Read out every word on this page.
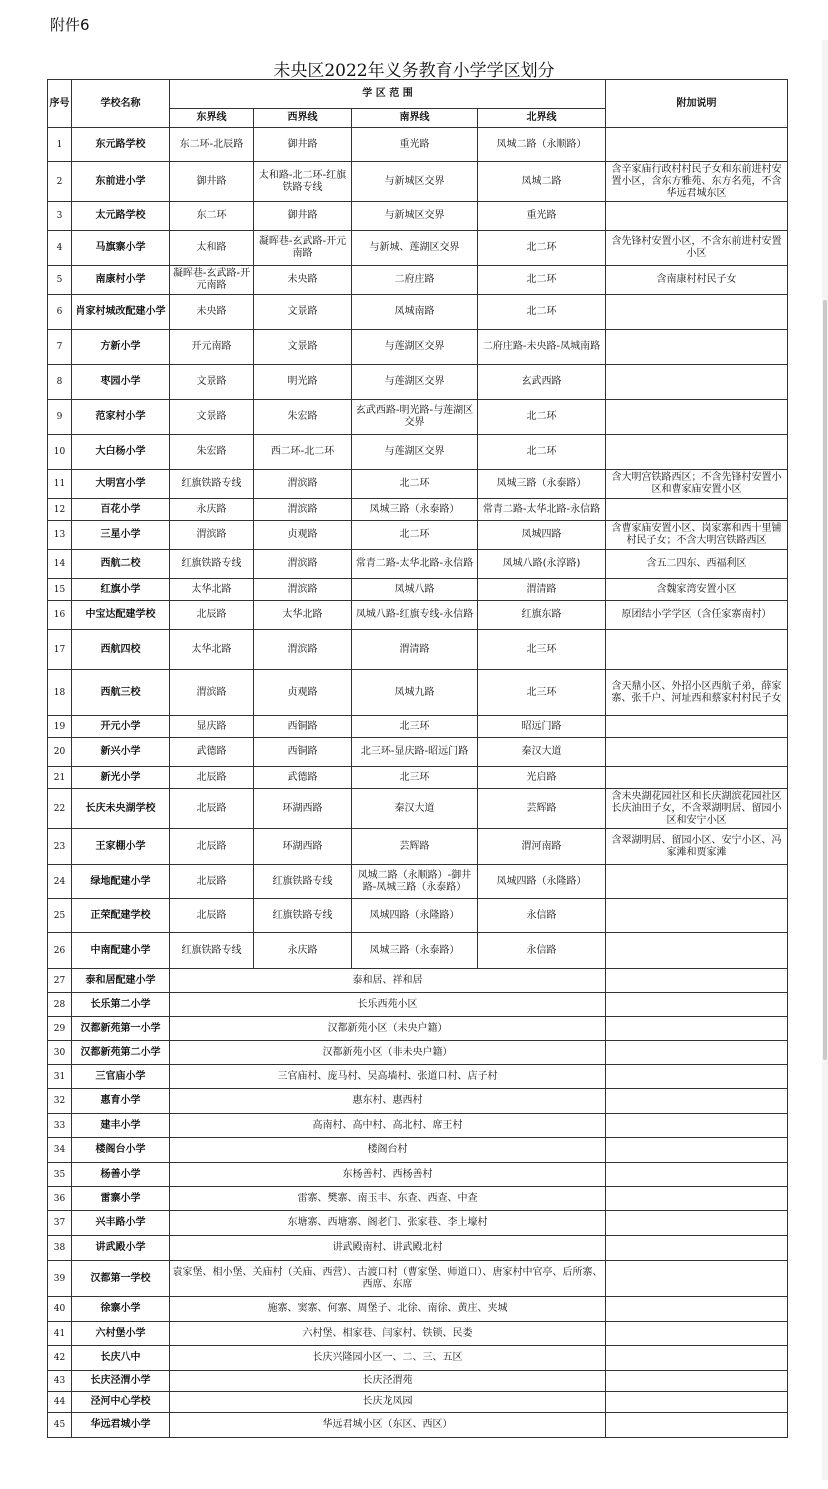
附件6
未央区2022年义务教育小学学区划分
序号	学校名称	学 区 范 围				附加说明
		东界线	西界线	南界线	北界线	
1	东元路学校	东二环-北辰路	御井路	重光路	凤城二路（永顺路）	
2	东前进小学	御井路	太和路-北二环-红旗铁路专线	与新城区交界	凤城二路	含辛家庙行政村村民子女和东前进村安置小区，含东方雅苑、东方名苑，不含华远君城东区
3	太元路学校	东二环	御井路	与新城区交界	重光路	
4	马旗寨小学	太和路	凝晖巷-玄武路-开元南路	与新城、莲湖区交界	北二环	含先锋村安置小区，不含东前进村安置小区
5	南康村小学	凝晖巷-玄武路-开元南路	未央路	二府庄路	北二环	含南康村村民子女
6	肖家村城改配建小学	未央路	文景路	凤城南路	北二环	
7	方新小学	开元南路	文景路	与莲湖区交界	二府庄路-未央路-凤城南路	
8	枣园小学	文景路	明光路	与莲湖区交界	玄武西路	
9	范家村小学	文景路	朱宏路	玄武西路-明光路-与莲湖区交界	北二环	
10	大白杨小学	朱宏路	西二环-北二环	与莲湖区交界	北二环	
11	大明宫小学	红旗铁路专线	渭滨路	北二环	凤城三路（永泰路）	含大明宫铁路西区；不含先锋村安置小区和曹家庙安置小区
12	百花小学	永庆路	渭滨路	凤城三路（永泰路）	常青二路-太华北路-永信路	
13	三星小学	渭滨路	贞观路	北二环	凤城四路	含曹家庙安置小区、岗家寨和西十里铺村民子女；不含大明宫铁路西区
14	西航二校	红旗铁路专线	渭滨路	常青二路-太华北路-永信路	凤城八路(永淳路)	含五二四东、西福利区
15	红旗小学	太华北路	渭滨路	凤城八路	渭清路	含魏家湾安置小区
16	中宝达配建学校	北辰路	太华北路	凤城八路-红旗专线-永信路	红旗东路	原团结小学学区（含任家寨南村）
17	西航四校	太华北路	渭滨路	渭清路	北三环	
18	西航三校	渭滨路	贞观路	凤城九路	北三环	含天鼎小区、外招小区西航子弟，薛家寨、张千户、河址西和蔡家村村民子女
19	开元小学	显庆路	西铜路	北三环	昭远门路	
20	新兴小学	武德路	西铜路	北三环-显庆路-昭远门路	秦汉大道	
21	新光小学	北辰路	武德路	北三环	光启路	
22	长庆未央湖学校	北辰路	环湖西路	秦汉大道	芸辉路	含未央湖花园社区和长庆湖滨花园社区长庆油田子女，不含翠湖明居、留园小区和安宁小区
23	王家棚小学	北辰路	环湖西路	芸辉路	渭河南路	含翠湖明居、留园小区、安宁小区、冯家滩和贾家滩
24	绿地配建小学	北辰路	红旗铁路专线	凤城二路（永顺路）-御井路-凤城三路（永泰路）	凤城四路（永隆路）	
25	正荣配建学校	北辰路	红旗铁路专线	凤城四路（永隆路）	永信路	
26	中南配建小学	红旗铁路专线	永庆路	凤城三路（永泰路）	永信路	
27	泰和居配建小学	泰和居、祥和居				
28	长乐第二小学	长乐西苑小区				
29	汉都新苑第一小学	汉都新苑小区（未央户籍）				
30	汉都新苑第二小学	汉都新苑小区（非未央户籍）				
31	三官庙小学	三官庙村、庞马村、吴高墙村、张道口村、店子村				
32	惠育小学	惠东村、惠西村				
33	建丰小学	高南村、高中村、高北村、席王村				
34	楼阁台小学	楼阁台村				
35	杨善小学	东杨善村、西杨善村				
36	雷寨小学	雷寨、樊寨、南玉丰、东查、西查、中查				
37	兴丰路小学	东塘寨、西塘寨、阁老门、张家巷、李上壕村				
38	讲武殿小学	讲武殿南村、讲武殿北村				
39	汉都第一学校	袁家堡、相小堡、关庙村（关庙、西营）、古渡口村（曹家堡、师道口）、唐家村中官亭、后所寨、西席、东席				
40	徐寨小学	施寨、窦寨、何寨、周堡子、北徐、南徐、黄庄、夹城				
41	六村堡小学	六村堡、相家巷、闫家村、铁锁、民娄				
42	长庆八中	长庆兴隆园小区一、二、三、五区				
43	长庆泾渭小学	长庆泾渭苑				
44	泾河中心学校	长庆龙凤园				
45	华远君城小学	华远君城小区（东区、西区）				
